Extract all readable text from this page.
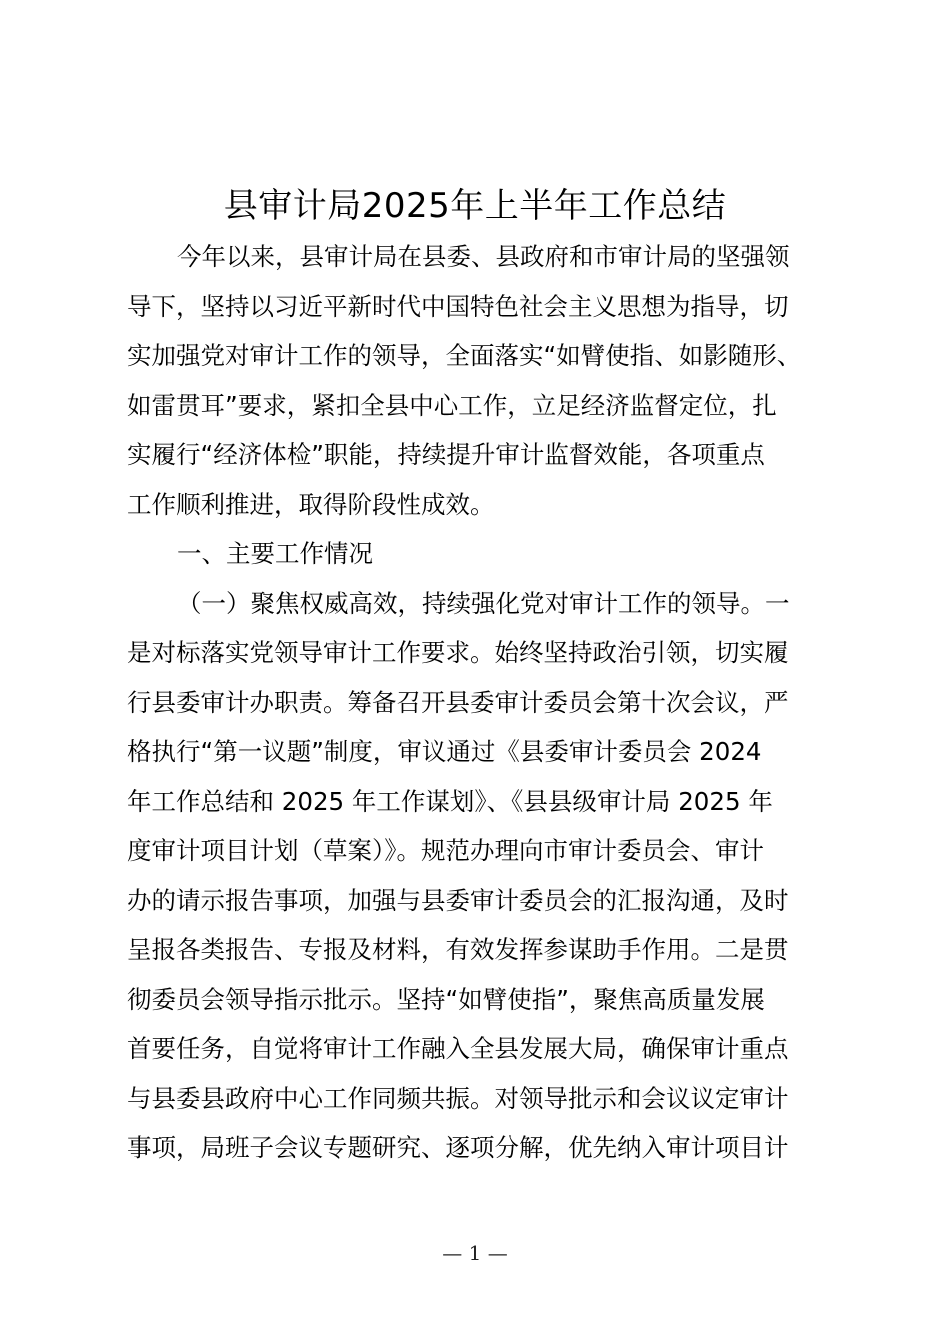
县审计局2025年上半年工作总结
今年以来，县审计局在县委、县政府和市审计局的坚强领
导下，坚持以习近平新时代中国特色社会主义思想为指导，切
实加强党对审计工作的领导，全面落实“如臂使指、如影随形、
如雷贯耳”要求，紧扣全县中心工作，立足经济监督定位，扎
实履行“经济体检”职能，持续提升审计监督效能，各项重点
工作顺利推进，取得阶段性成效。
一、主要工作情况
（一）聚焦权威高效，持续强化党对审计工作的领导。一
是对标落实党领导审计工作要求。始终坚持政治引领，切实履
行县委审计办职责。筹备召开县委审计委员会第十次会议，严
格执行“第一议题”制度，审议通过《县委审计委员会 2024
年工作总结和 2025 年工作谋划》、《县县级审计局 2025 年
度审计项目计划（草案）》。规范办理向市审计委员会、审计
办的请示报告事项，加强与县委审计委员会的汇报沟通，及时
呈报各类报告、专报及材料，有效发挥参谋助手作用。二是贯
彻委员会领导指示批示。坚持“如臂使指”，聚焦高质量发展
首要任务，自觉将审计工作融入全县发展大局，确保审计重点
与县委县政府中心工作同频共振。对领导批示和会议议定审计
事项，局班子会议专题研究、逐项分解，优先纳入审计项目计
— 1 —
